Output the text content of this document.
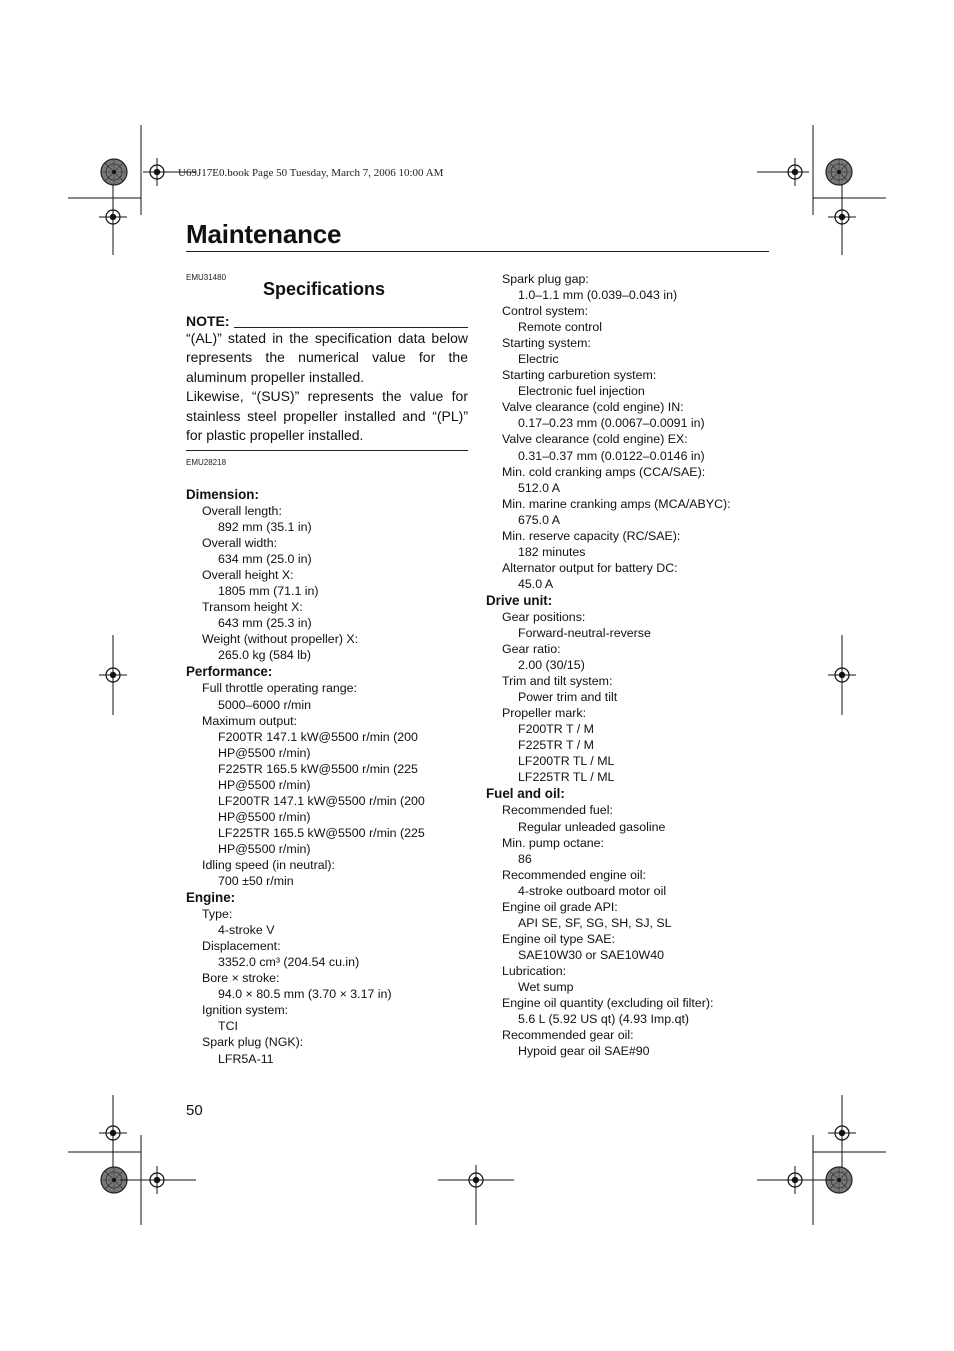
U69J17E0.book Page 50 Tuesday, March 7, 2006 10:00 AM
Maintenance
EMU31480
Specifications
NOTE:

“(AL)” stated in the specification data below represents the numerical value for the aluminum propeller installed.

Likewise, “(SUS)” represents the value for stainless steel propeller installed and “(PL)” for plastic propeller installed.

EMU28218
Dimension:
Overall length:
892 mm (35.1 in)
Overall width:
634 mm (25.0 in)
Overall height X:
1805 mm (71.1 in)
Transom height X:
643 mm (25.3 in)
Weight (without propeller) X:
265.0 kg (584 lb)
Performance:
Full throttle operating range:
5000–6000 r/min
Maximum output:
F200TR 147.1 kW@5500 r/min (200
HP@5500 r/min)
F225TR 165.5 kW@5500 r/min (225
HP@5500 r/min)
LF200TR 147.1 kW@5500 r/min (200
HP@5500 r/min)
LF225TR 165.5 kW@5500 r/min (225
HP@5500 r/min)
Idling speed (in neutral):
700 ±50 r/min
Engine:
Type:
4-stroke V
Displacement:
3352.0 cm³ (204.54 cu.in)
Bore × stroke:
94.0 × 80.5 mm (3.70 × 3.17 in)
Ignition system:
TCI
Spark plug (NGK):
LFR5A-11
Spark plug gap:
1.0–1.1 mm (0.039–0.043 in)
Control system:
Remote control
Starting system:
Electric
Starting carburetion system:
Electronic fuel injection
Valve clearance (cold engine) IN:
0.17–0.23 mm (0.0067–0.0091 in)
Valve clearance (cold engine) EX:
0.31–0.37 mm (0.0122–0.0146 in)
Min. cold cranking amps (CCA/SAE):
512.0 A
Min. marine cranking amps (MCA/ABYC):
675.0 A
Min. reserve capacity (RC/SAE):
182 minutes
Alternator output for battery DC:
45.0 A
Drive unit:
Gear positions:
Forward-neutral-reverse
Gear ratio:
2.00 (30/15)
Trim and tilt system:
Power trim and tilt
Propeller mark:
F200TR T / M
F225TR T / M
LF200TR TL / ML
LF225TR TL / ML
Fuel and oil:
Recommended fuel:
Regular unleaded gasoline
Min. pump octane:
86
Recommended engine oil:
4-stroke outboard motor oil
Engine oil grade API:
API SE, SF, SG, SH, SJ, SL
Engine oil type SAE:
SAE10W30 or SAE10W40
Lubrication:
Wet sump
Engine oil quantity (excluding oil filter):
5.6 L (5.92 US qt) (4.93 Imp.qt)
Recommended gear oil:
Hypoid gear oil SAE#90
50
